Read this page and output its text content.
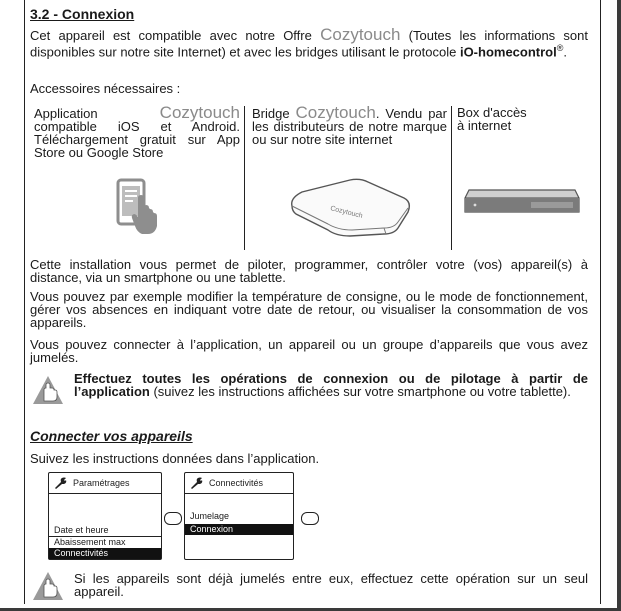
3.2 - Connexion
Cet appareil est compatible avec notre Offre Cozytouch (Toutes les informations sont disponibles sur notre site Internet) et avec les bridges utilisant le protocole iO-homecontrol®.
Accessoires nécessaires :

Application Cozytouch compatible iOS et Android. Téléchargement gratuit sur App Store ou Google Store

Bridge Cozytouch. Vendu par les distributeurs de notre marque ou sur notre site internet

Cozytouch

Box d'accès
à internet

Cette installation vous permet de piloter, programmer, contrôler votre (vos) appareil(s) à distance, via un smartphone ou une tablette.
Vous pouvez par exemple modifier la température de consigne, ou le mode de fonctionnement, gérer vos absences en indiquant votre date de retour, ou visualiser la consommation de vos appareils.
Vous pouvez connecter à l’application, un appareil ou un groupe d’appareils que vous avez jumelés.
Effectuez toutes les opérations de connexion ou de pilotage à partir de l’application (suivez les instructions affichées sur votre smartphone ou votre tablette).
Connecter vos appareils
Suivez les instructions données dans l’application.
Paramétrages
Date et heure
Abaissement max
Connectivités
Connectivités
Jumelage
Connexion
Si les appareils sont déjà jumelés entre eux, effectuez cette opération sur un seul appareil.
